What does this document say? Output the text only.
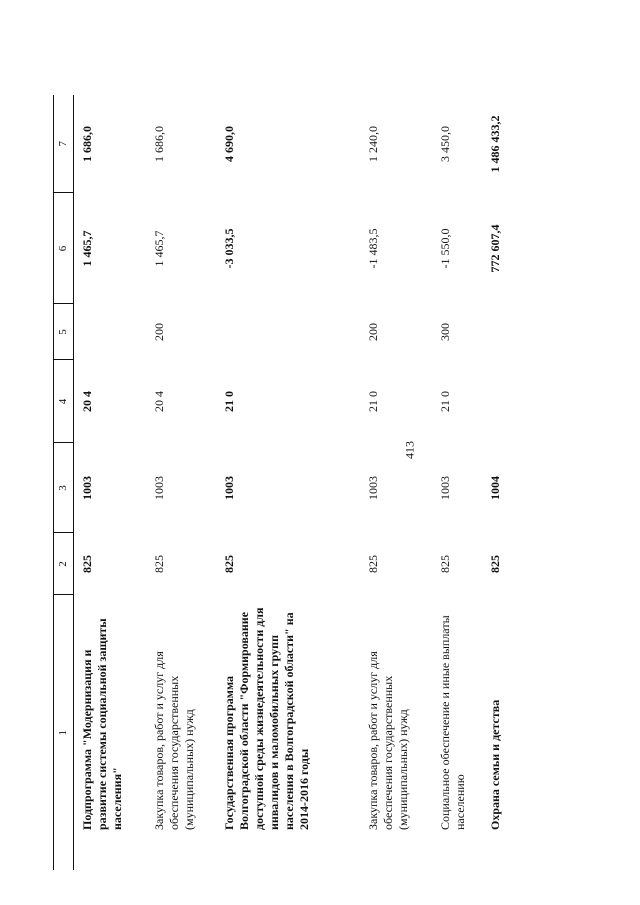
413
1	2	3	4	5	6	7
Подпрограмма "Модернизация и развитие системы социальной защиты населения"	825	1003	20 4		1 465,7	1 686,0
Закупка товаров, работ и услуг для обеспечения государственных (муниципальных) нужд	825	1003	20 4	200	1 465,7	1 686,0
Государственная программа Волгоградской области "Формирование доступной среды жизнедеятельности для инвалидов и маломобильных групп населения в Волгоградской области" на 2014-2016 годы	825	1003	21 0		-3 033,5	4 690,0
Закупка товаров, работ и услуг для обеспечения государственных (муниципальных) нужд	825	1003	21 0	200	-1 483,5	1 240,0
Социальное обеспечение и иные выплаты населению	825	1003	21 0	300	-1 550,0	3 450,0
Охрана семьи и детства	825	1004			772 607,4	1 486 433,2
